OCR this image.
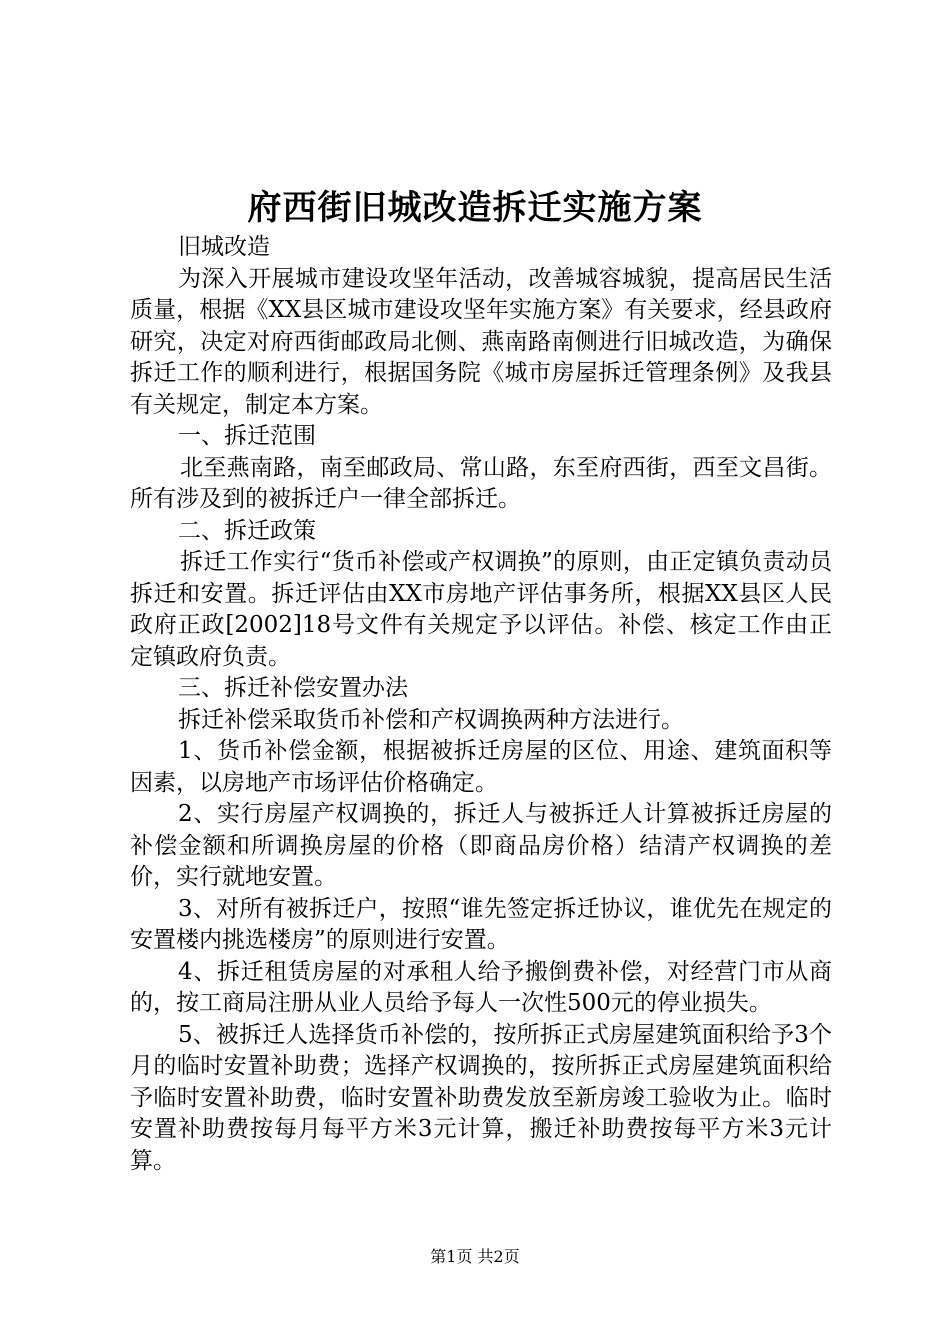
府西街旧城改造拆迁实施方案

旧城改造

为深入开展城市建设攻坚年活动，改善城容城貌，提高居民生活质量，根据《XX县区城市建设攻坚年实施方案》有关要求，经县政府研究，决定对府西街邮政局北侧、燕南路南侧进行旧城改造，为确保拆迁工作的顺利进行，根据国务院《城市房屋拆迁管理条例》及我县有关规定，制定本方案。

一、拆迁范围

北至燕南路，南至邮政局、常山路，东至府西街，西至文昌街。所有涉及到的被拆迁户一律全部拆迁。

二、拆迁政策

拆迁工作实行“货币补偿或产权调换”的原则，由正定镇负责动员拆迁和安置。拆迁评估由XX市房地产评估事务所，根据XX县区人民政府正政[2002]18号文件有关规定予以评估。补偿、核定工作由正定镇政府负责。

三、拆迁补偿安置办法

拆迁补偿采取货币补偿和产权调换两种方法进行。

1、货币补偿金额，根据被拆迁房屋的区位、用途、建筑面积等因素，以房地产市场评估价格确定。

2、实行房屋产权调换的，拆迁人与被拆迁人计算被拆迁房屋的补偿金额和所调换房屋的价格（即商品房价格）结清产权调换的差价，实行就地安置。

3、对所有被拆迁户，按照“谁先签定拆迁协议，谁优先在规定的安置楼内挑选楼房”的原则进行安置。

4、拆迁租赁房屋的对承租人给予搬倒费补偿，对经营门市从商的，按工商局注册从业人员给予每人一次性500元的停业损失。

5、被拆迁人选择货币补偿的，按所拆正式房屋建筑面积给予3个月的临时安置补助费；选择产权调换的，按所拆正式房屋建筑面积给予临时安置补助费，临时安置补助费发放至新房竣工验收为止。临时安置补助费按每月每平方米3元计算，搬迁补助费按每平方米3元计算。

第1页 共2页
